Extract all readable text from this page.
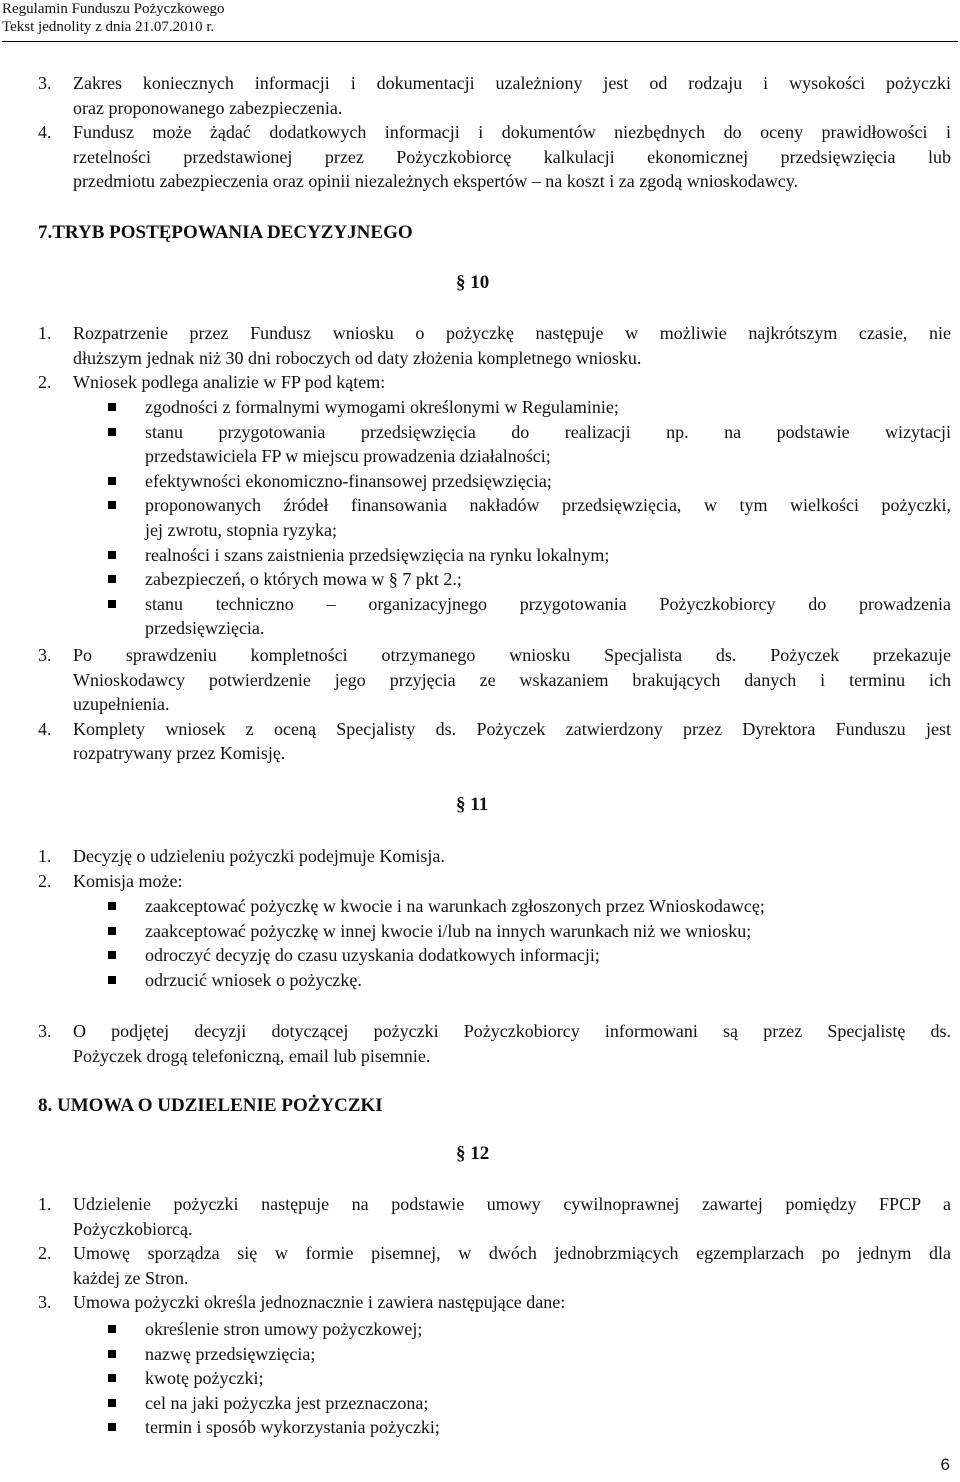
Regulamin Funduszu Pożyczkowego
Tekst jednolity z dnia 21.07.2010 r.
3. Zakres koniecznych informacji i dokumentacji uzależniony jest od rodzaju i wysokości pożyczki
oraz proponowanego zabezpieczenia.
4. Fundusz może żądać dodatkowych informacji i dokumentów niezbędnych do oceny prawidłowości i
rzetelności przedstawionej przez Pożyczkobiorcę kalkulacji ekonomicznej przedsięwzięcia lub
przedmiotu zabezpieczenia oraz opinii niezależnych ekspertów – na koszt i za zgodą wnioskodawcy.
7.TRYB POSTĘPOWANIA DECYZYJNEGO
§ 10
1. Rozpatrzenie przez Fundusz wniosku o pożyczkę następuje w możliwie najkrótszym czasie, nie
dłuższym jednak niż 30 dni roboczych od daty złożenia kompletnego wniosku.
2. Wniosek podlega analizie w FP pod kątem:
zgodności z formalnymi wymogami określonymi w Regulaminie;
stanu przygotowania przedsięwzięcia do realizacji np. na podstawie wizytacji
przedstawiciela FP w miejscu prowadzenia działalności;
efektywności ekonomiczno-finansowej przedsięwzięcia;
proponowanych źródeł finansowania nakładów przedsięwzięcia, w tym wielkości pożyczki,
jej zwrotu, stopnia ryzyka;
realności i szans zaistnienia przedsięwzięcia na rynku lokalnym;
zabezpieczeń, o których mowa w § 7 pkt 2.;
stanu techniczno – organizacyjnego przygotowania Pożyczkobiorcy do prowadzenia
przedsięwzięcia.
3. Po sprawdzeniu kompletności otrzymanego wniosku Specjalista ds. Pożyczek przekazuje
Wnioskodawcy potwierdzenie jego przyjęcia ze wskazaniem brakujących danych i terminu ich
uzupełnienia.
4. Komplety wniosek z oceną Specjalisty ds. Pożyczek zatwierdzony przez Dyrektora Funduszu jest
rozpatrywany przez Komisję.
§ 11
1. Decyzję o udzieleniu pożyczki podejmuje Komisja.
2. Komisja może:
zaakceptować pożyczkę w kwocie i na warunkach zgłoszonych przez Wnioskodawcę;
zaakceptować pożyczkę w innej kwocie i/lub na innych warunkach niż we wniosku;
odroczyć decyzję do czasu uzyskania dodatkowych informacji;
odrzucić wniosek o pożyczkę.
3. O podjętej decyzji dotyczącej pożyczki Pożyczkobiorcy informowani są przez Specjalistę ds.
Pożyczek drogą telefoniczną, email lub pisemnie.
8. UMOWA O UDZIELENIE POŻYCZKI
§ 12
1. Udzielenie pożyczki następuje na podstawie umowy cywilnoprawnej zawartej pomiędzy FPCP a
Pożyczkobiorcą.
2. Umowę sporządza się w formie pisemnej, w dwóch jednobrzmiących egzemplarzach po jednym dla
każdej ze Stron.
3. Umowa pożyczki określa jednoznacznie i zawiera następujące dane:
określenie stron umowy pożyczkowej;
nazwę przedsięwzięcia;
kwotę pożyczki;
cel na jaki pożyczka jest przeznaczona;
termin i sposób wykorzystania pożyczki;
6
